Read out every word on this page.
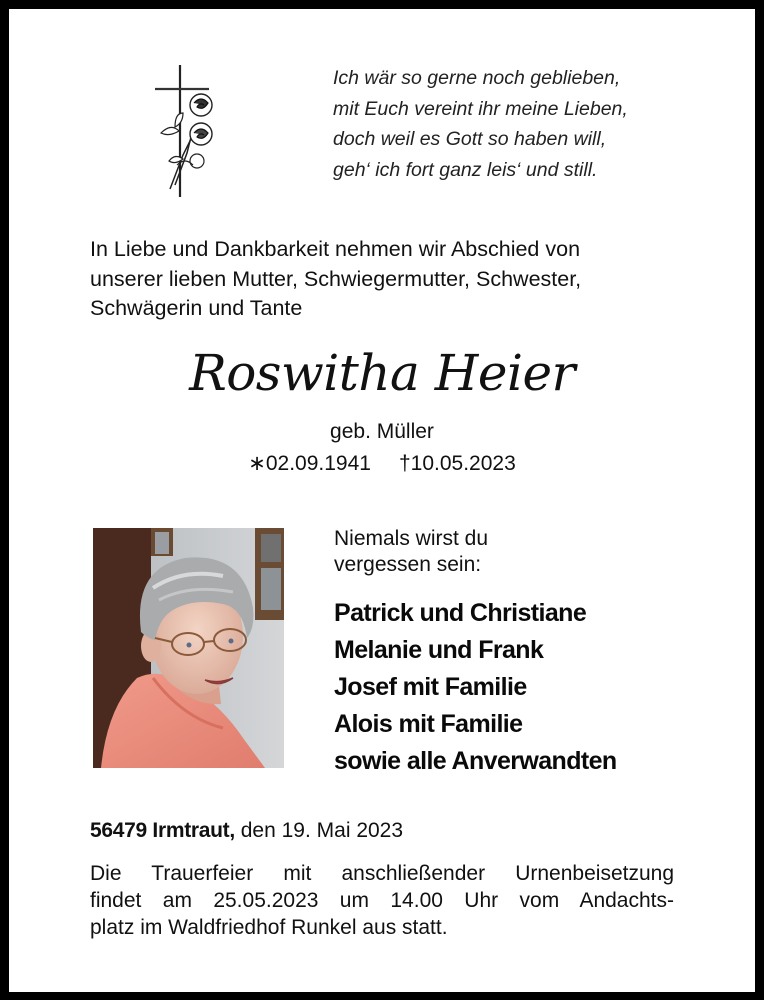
Ich wär so gerne noch geblieben,
mit Euch vereint ihr meine Lieben,
doch weil es Gott so haben will,
geh‘ ich fort ganz leis‘ und still.
In Liebe und Dankbarkeit nehmen wir Abschied von
unserer lieben Mutter, Schwiegermutter, Schwester,
Schwägerin und Tante
Roswitha Heier
geb. Müller
∗02.09.1941 †10.05.2023
Niemals wirst du
vergessen sein:
Patrick und Christiane
Melanie und Frank
Josef mit Familie
Alois mit Familie
sowie alle Anverwandten
56479 Irmtraut, den 19. Mai 2023
Die Trauerfeier mit anschließender Urnenbeisetzung
findet am 25.05.2023 um 14.00 Uhr vom Andachts-
platz im Waldfriedhof Runkel aus statt.
